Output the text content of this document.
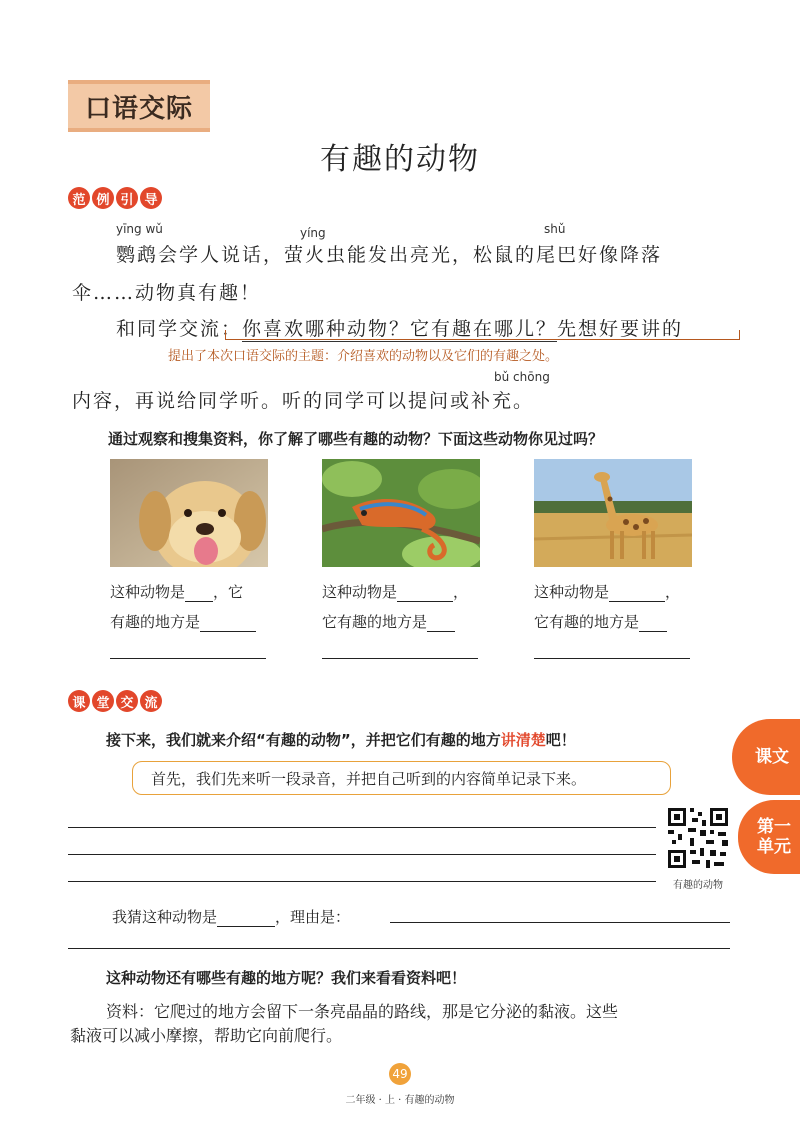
口语交际
有趣的动物
范 例 引 导
yīng wǔ	yíng	shǔ
鹦鹉会学人说话，萤火虫能发出亮光，松鼠的尾巴好像降落
伞……动物真有趣！
和同学交流：你喜欢哪种动物？它有趣在哪儿？先想好要讲的
提出了本次口语交际的主题：介绍喜欢的动物以及它们的有趣之处。
bǔ chōng
内容，再说给同学听。听的同学可以提问或补充。
通过观察和搜集资料，你了解了哪些有趣的动物？下面这些动物你见过吗？
这种动物是 ，它
有趣的地方是
这种动物是	，
它有趣的地方是
这种动物是	，
它有趣的地方是
课 堂 交 流
接下来，我们就来介绍“有趣的动物”，并把它们有趣的地方讲清楚吧！
首先，我们先来听一段录音，并把自己听到的内容简单记录下来。
有趣的动物
我猜这种动物是	，理由是：
这种动物还有哪些有趣的地方呢？我们来看看资料吧！
资料：它爬过的地方会留下一条亮晶晶的路线，那是它分泌的黏液。这些
黏液可以减小摩擦，帮助它向前爬行。
课文
第一
单元
49
二年级 · 上 · 有趣的动物
